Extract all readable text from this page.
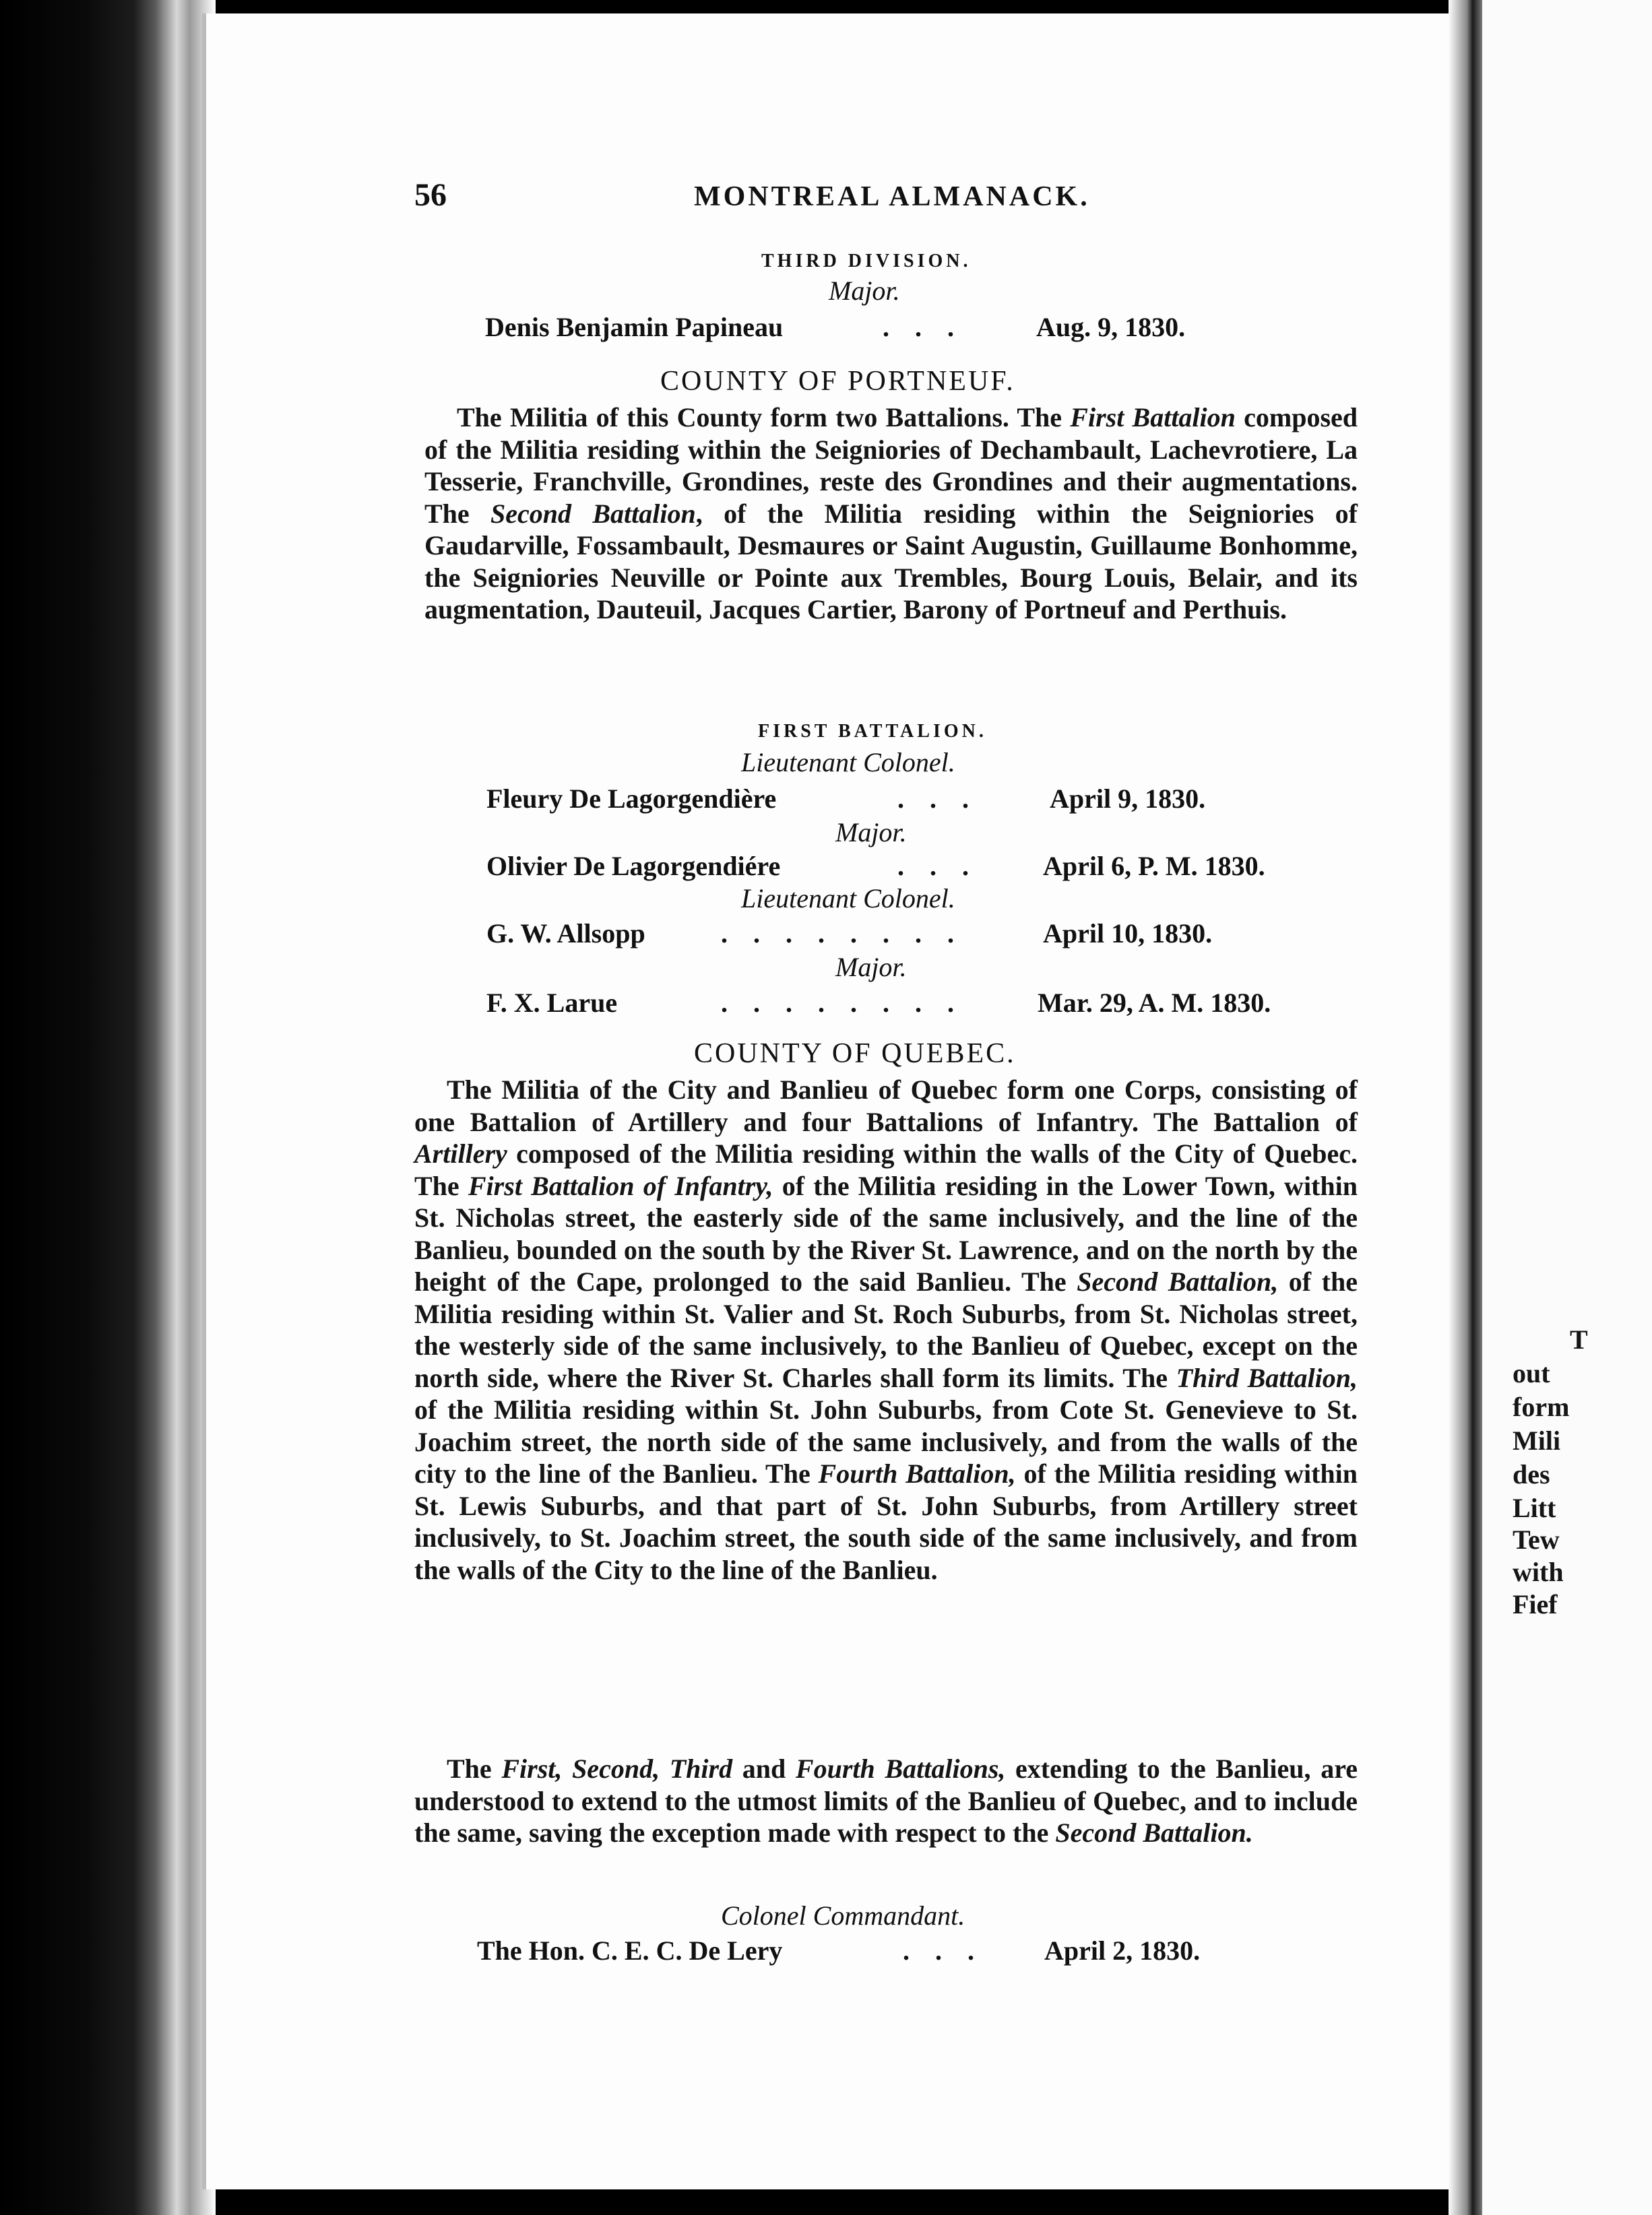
T
out
form
Mili
des
Litt
Tew
with
Fief
56	MONTREAL ALMANACK.
THIRD DIVISION.
Major.
Denis Benjamin Papineau	. . .	Aug. 9, 1830.
COUNTY OF PORTNEUF.
The Militia of this County form two Battalions. The First Battalion composed of the Militia residing within the Seigniories of Dechambault, Lachevrotiere, La Tesserie, Franchville, Grondines, reste des Grondines and their augmentations. The Second Battalion, of the Militia residing within the Seigniories of Gaudarville, Fossambault, Desmaures or Saint Augustin, Guillaume Bonhomme, the Seigniories Neuville or Pointe aux Trembles, Bourg Louis, Belair, and its augmentation, Dauteuil, Jacques Cartier, Barony of Portneuf and Perthuis.
FIRST BATTALION.
Lieutenant Colonel.
Fleury De Lagorgendière	. . .	April 9, 1830.
Major.
Olivier De Lagorgendiére	. . . April 6, P. M. 1830.
Lieutenant Colonel.
G. W. Allsopp	. . . . . . . .	April 10, 1830.
Major.
F. X. Larue	. . . . . . . .	Mar. 29, A. M. 1830.
COUNTY OF QUEBEC.
The Militia of the City and Banlieu of Quebec form one Corps, consisting of one Battalion of Artillery and four Battalions of Infantry. The Battalion of Artillery composed of the Militia residing within the walls of the City of Quebec. The First Battalion of Infantry, of the Militia residing in the Lower Town, within St. Nicholas street, the easterly side of the same inclusively, and the line of the Banlieu, bounded on the south by the River St. Lawrence, and on the north by the height of the Cape, prolonged to the said Banlieu. The Second Battalion, of the Militia residing within St. Valier and St. Roch Suburbs, from St. Nicholas street, the westerly side of the same inclusively, to the Banlieu of Quebec, except on the north side, where the River St. Charles shall form its limits. The Third Battalion, of the Militia residing within St. John Suburbs, from Cote St. Genevieve to St. Joachim street, the north side of the same inclusively, and from the walls of the city to the line of the Banlieu. The Fourth Battalion, of the Militia residing within St. Lewis Suburbs, and that part of St. John Suburbs, from Artillery street inclusively, to St. Joachim street, the south side of the same inclusively, and from the walls of the City to the line of the Banlieu.
The First, Second, Third and Fourth Battalions, extending to the Banlieu, are understood to extend to the utmost limits of the Banlieu of Quebec, and to include the same, saving the exception made with respect to the Second Battalion.
Colonel Commandant.
The Hon. C. E. C. De Lery	. . . April 2, 1830.
